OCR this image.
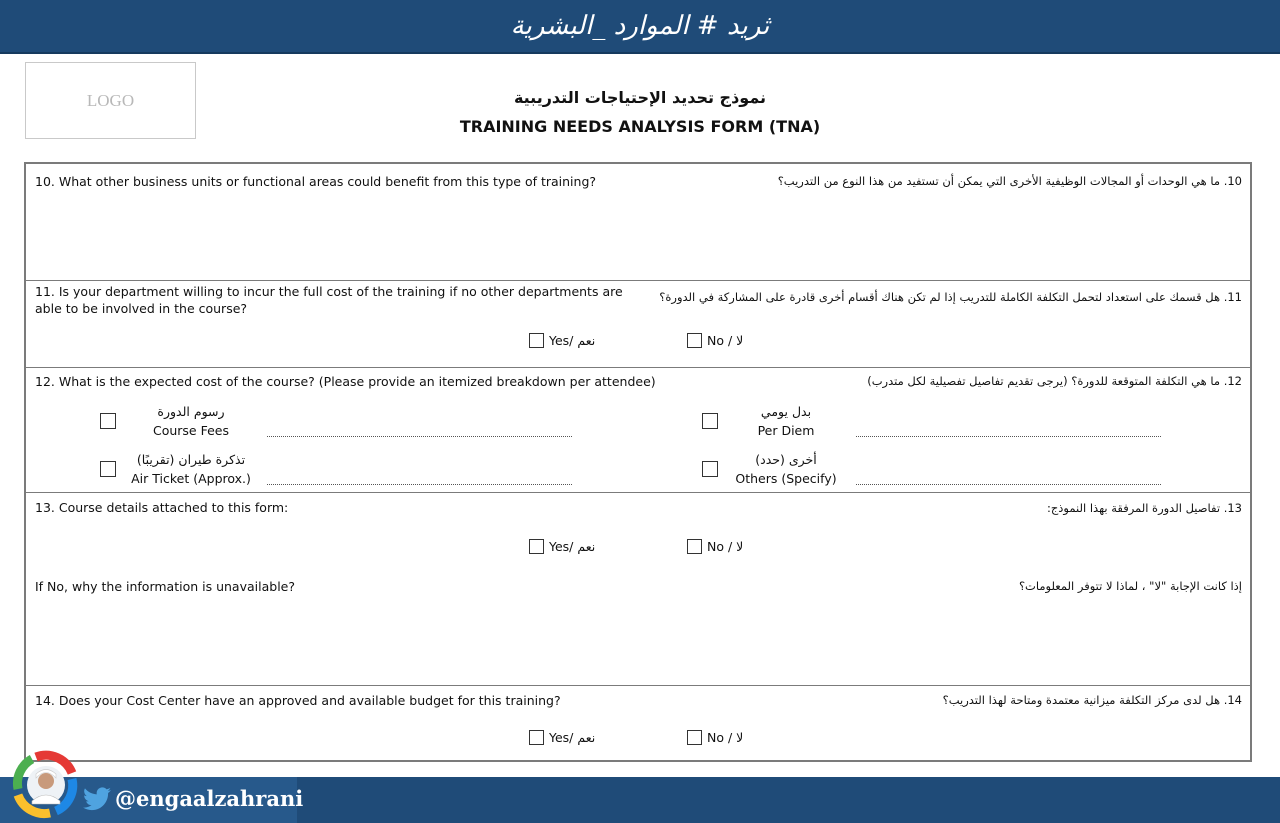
ثريد # الموارد _البشرية
LOGO	نموذج تحديد الإحتياجات التدريبية
TRAINING NEEDS ANALYSIS FORM (TNA)
10. What other business units or functional areas could benefit from this type of training?	10. ما هي الوحدات أو المجالات الوظيفية الأخرى التي يمكن أن تستفيد من هذا النوع من التدريب؟
11. Is your department willing to incur the full cost of the training if no other departments are able to be involved in the course?
11. هل قسمك على استعداد لتحمل التكلفة الكاملة للتدريب إذا لم تكن هناك أقسام أخرى قادرة على المشاركة في الدورة؟
Yes/ نعم	No / لا
12. What is the expected cost of the course? (Please provide an itemized breakdown per attendee)	12. ما هي التكلفة المتوقعة للدورة؟ (يرجى تقديم تفاصيل تفصيلية لكل متدرب)
رسوم الدورة
Course Fees
بدل يومي
Per Diem
تذكرة طيران (تقريبًا)
Air Ticket (Approx.)
أخرى (حدد)
Others (Specify)
13. Course details attached to this form:	13. تفاصيل الدورة المرفقة بهذا النموذج:
Yes/ نعم	No / لا
If No, why the information is unavailable?	إذا كانت الإجابة "لا" ، لماذا لا تتوفر المعلومات؟
14. Does your Cost Center have an approved and available budget for this training?	14. هل لدى مركز التكلفة ميزانية معتمدة ومتاحة لهذا التدريب؟
Yes/ نعم	No / لا
@engaalzahrani
